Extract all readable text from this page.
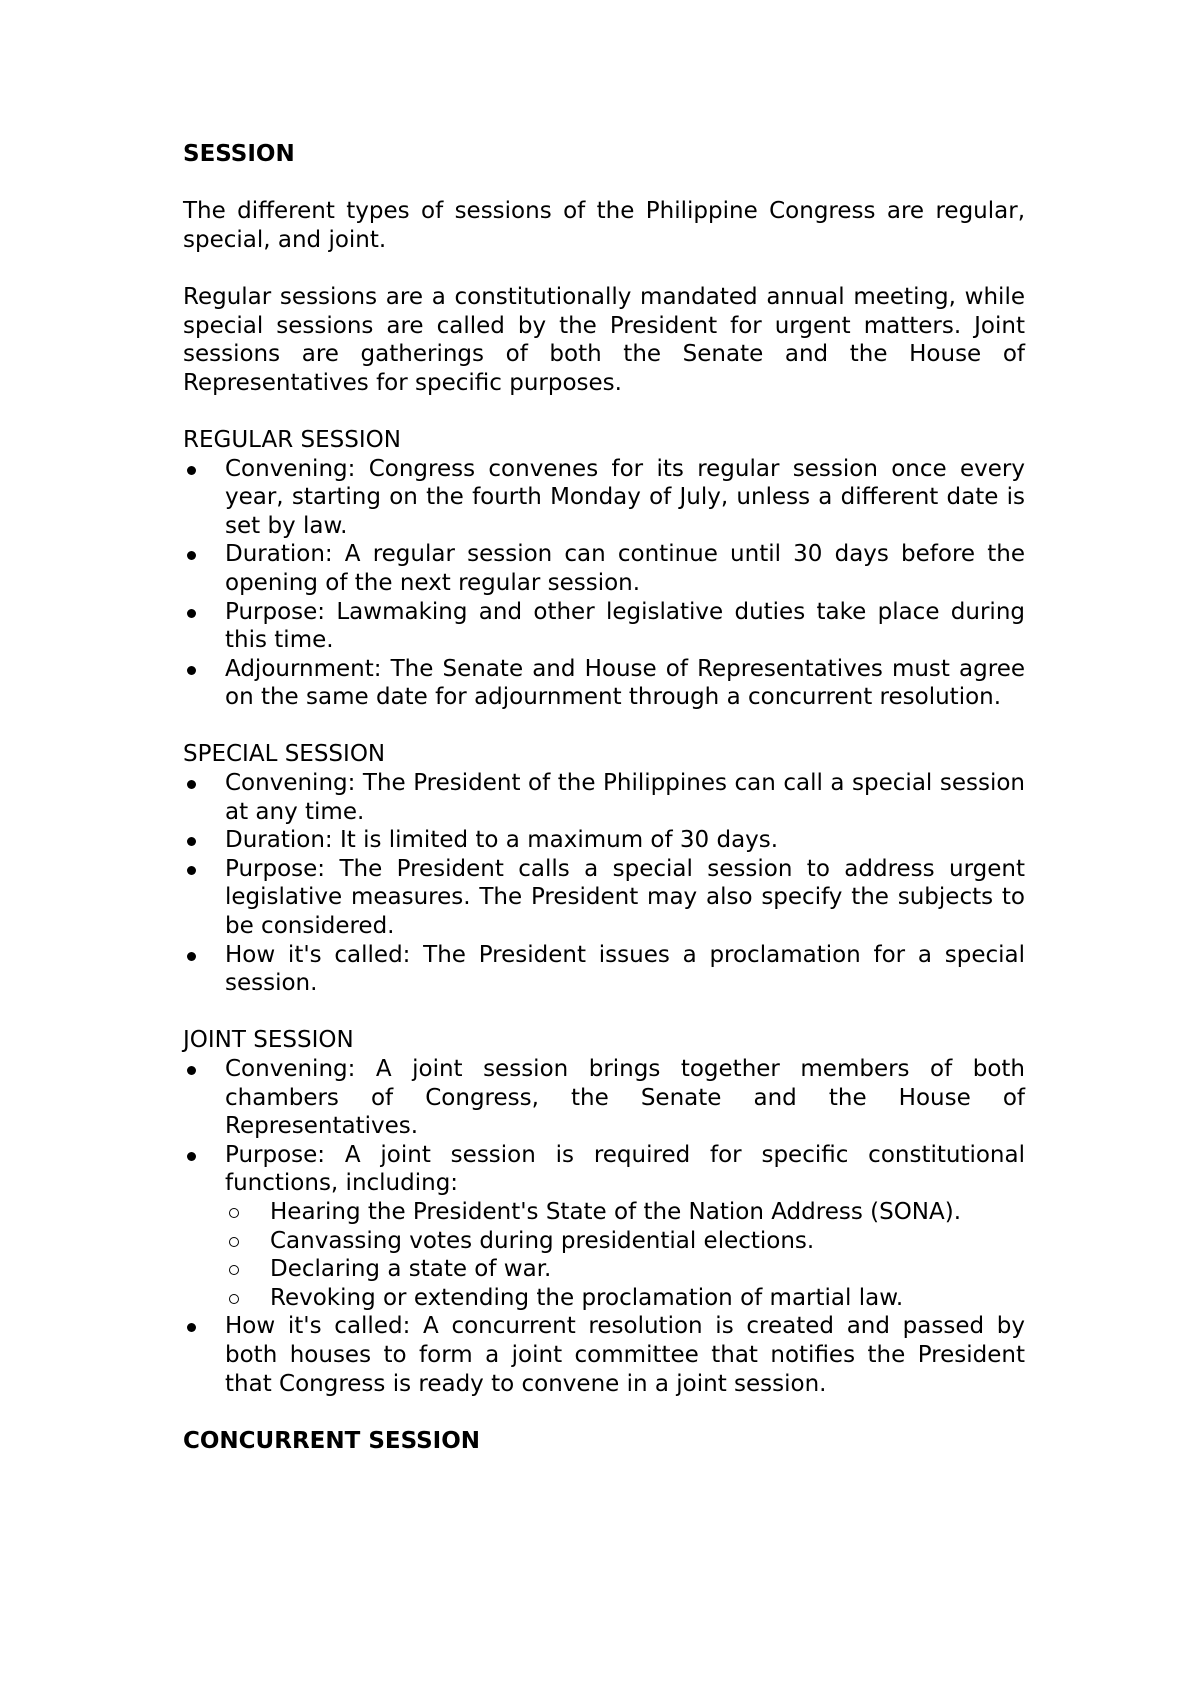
SESSION

The different types of sessions of the Philippine Congress are regular, special, and joint.

Regular sessions are a constitutionally mandated annual meeting, while special sessions are called by the President for urgent matters. Joint sessions are gatherings of both the Senate and the House of Representatives for specific purposes.

REGULAR SESSION
Convening: Congress convenes for its regular session once every year, starting on the fourth Monday of July, unless a different date is set by law.
Duration: A regular session can continue until 30 days before the opening of the next regular session.
Purpose: Lawmaking and other legislative duties take place during this time.
Adjournment: The Senate and House of Representatives must agree on the same date for adjournment through a concurrent resolution.
SPECIAL SESSION
Convening: The President of the Philippines can call a special session at any time.
Duration: It is limited to a maximum of 30 days.
Purpose: The President calls a special session to address urgent legislative measures. The President may also specify the subjects to be considered.
How it's called: The President issues a proclamation for a special session.
JOINT SESSION
Convening: A joint session brings together members of both chambers of Congress, the Senate and the House of Representatives.
Purpose: A joint session is required for specific constitutional functions, including:
Hearing the President's State of the Nation Address (SONA).
Canvassing votes during presidential elections.
Declaring a state of war.
Revoking or extending the proclamation of martial law.
How it's called: A concurrent resolution is created and passed by both houses to form a joint committee that notifies the President that Congress is ready to convene in a joint session.
CONCURRENT SESSION
